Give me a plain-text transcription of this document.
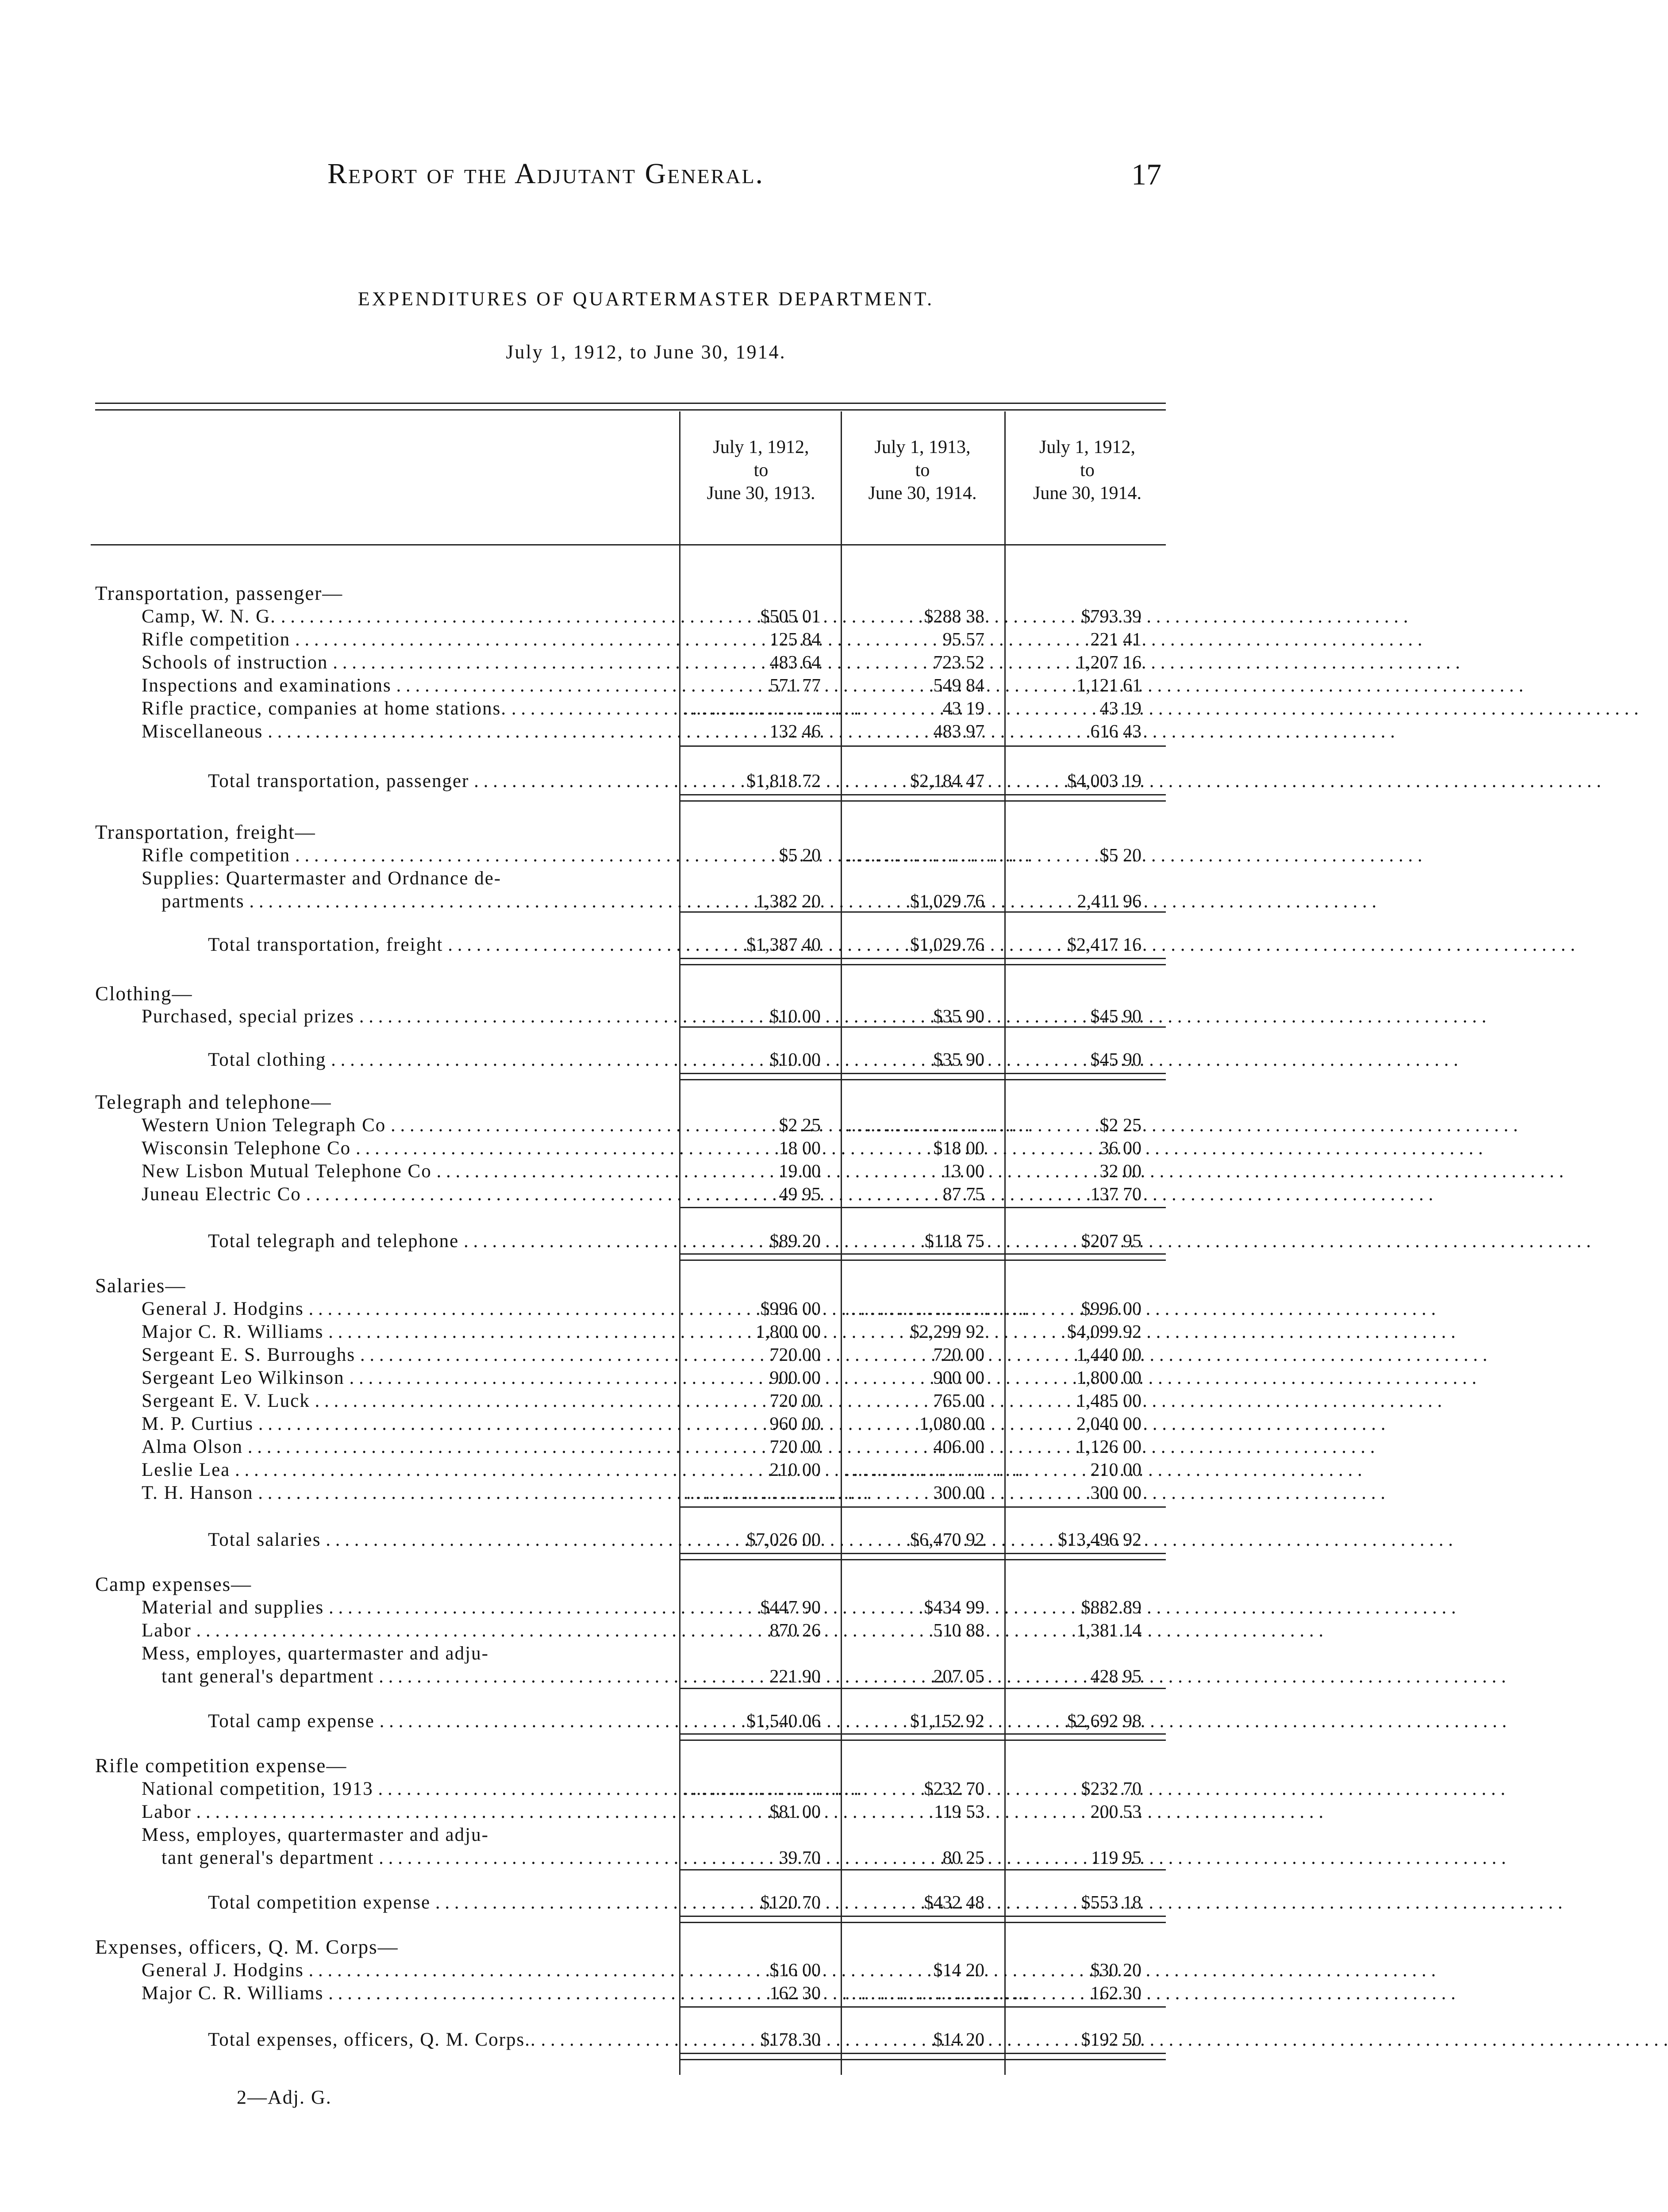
Report of the Adjutant General.	17
EXPENDITURES OF QUARTERMASTER DEPARTMENT.
July 1, 1912, to June 30, 1914.
July 1, 1912,
to
June 30, 1913.
July 1, 1913,
to
June 30, 1914.
July 1, 1912,
to
June 30, 1914.
Transportation, passenger—
Camp, W. N. G. . . .	$505 01	$288 38	$793 39
Rifle competition . . .	125 84	95 57	221 41
Schools of instruction . . .	483 64	723 52	1,207 16
Inspections and examinations . . .	571 77	549 84	1,121 61
Rifle practice, companies at home stations. . . .	.............................	43 19	43 19
Miscellaneous . . .	132 46	483 97	616 43
Total transportation, passenger . . .	$1,818 72	$2,184 47	$4,003 19
Transportation, freight—
Rifle competition . . .	$5 20 .............................	$5 20
Supplies: Quartermaster and Ordnance de-
partments . . .	1,382 20	$1,029 76	2,411 96
Total transportation, freight . . .	$1,387 40	$1,029 76	$2,417 16
Clothing—
Purchased, special prizes . . .	$10 00	$35 90	$45 90
Total clothing . . .	$10 00	$35 90	$45 90
Telegraph and telephone—
Western Union Telegraph Co . . .	$2 25 .............................	$2 25
Wisconsin Telephone Co . . .	18 00	$18 00	36 00
New Lisbon Mutual Telephone Co . . .	19 00	13 00	32 00
Juneau Electric Co . . .	49 95	87 75	137 70
Total telegraph and telephone . . .	$89 20	$118 75	$207 95
Salaries—
General J. Hodgins . . .	$996 00 .............................	$996 00
Major C. R. Williams . . .	1,800 00	$2,299 92	$4,099 92
Sergeant E. S. Burroughs . . .	720 00	720 00	1,440 00
Sergeant Leo Wilkinson . . .	900 00	900 00	1,800 00
Sergeant E. V. Luck . . .	720 00	765 00	1,485 00
M. P. Curtius . . .	960 00	1,080 00	2,040 00
Alma Olson . . .	720 00	406 00	1,126 00
Leslie Lea . . .	210 00 .............................	210 00
T. H. Hanson . . .	.............................	300 00	300 00
Total salaries . . .	$7,026 00	$6,470 92	$13,496 92
Camp expenses—
Material and supplies . . .	$447 90	$434 99	$882 89
Labor . . .	870 26	510 88	1,381 14
Mess, employes, quartermaster and adju-
tant general's department . . .	221 90	207 05	428 95
Total camp expense . . .	$1,540 06	$1,152 92	$2,692 98
Rifle competition expense—
National competition, 1913 . . .	.............................	$232 70	$232 70
Labor . . .	$81 00	119 53	200 53
Mess, employes, quartermaster and adju-
tant general's department . . .	39 70	80 25	119 95
Total competition expense . . .	$120 70	$432 48	$553 18
Expenses, officers, Q. M. Corps—
General J. Hodgins . . .	$16 00	$14 20	$30 20
Major C. R. Williams . . .	162 30 .............................	162 30
Total expenses, officers, Q. M. Corps.. . . .	$178 30	$14 20	$192 50
2—Adj. G.
